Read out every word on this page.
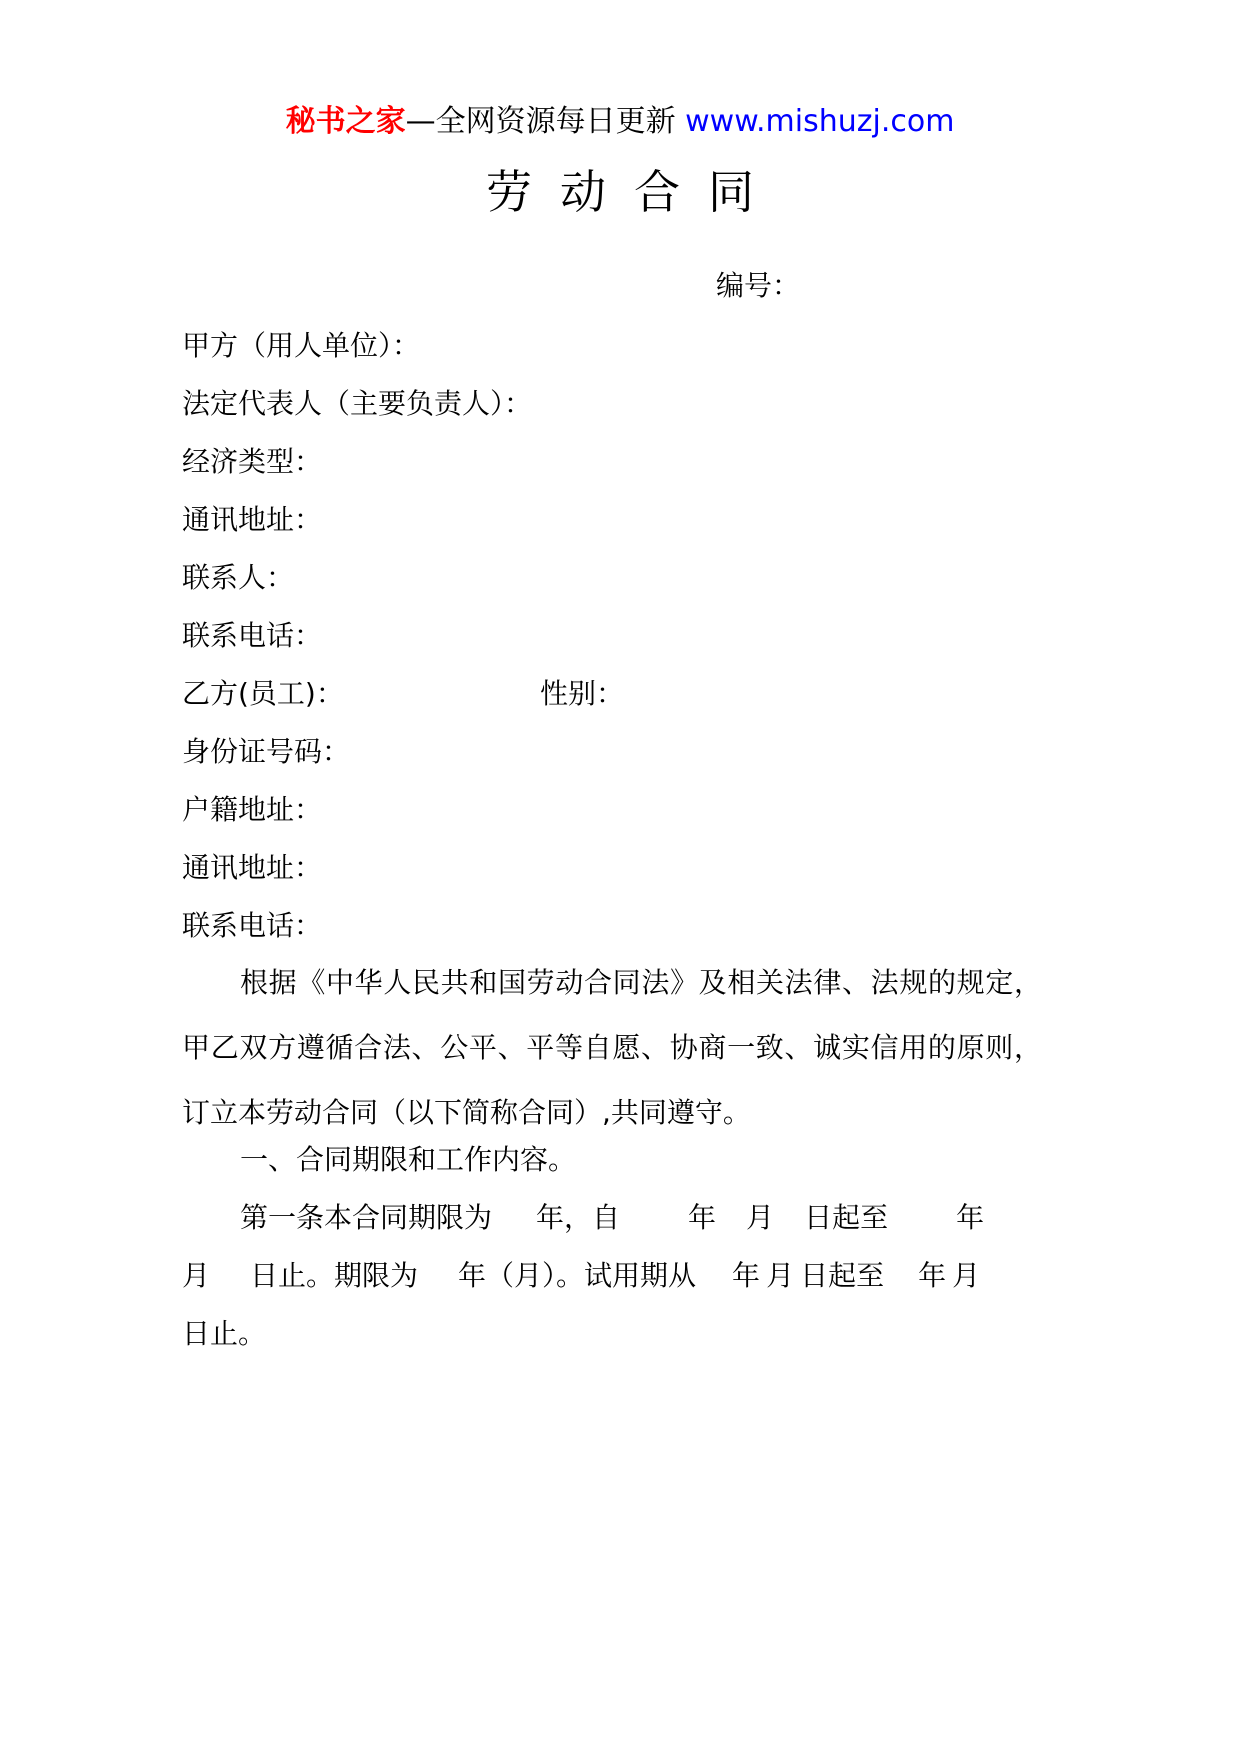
秘书之家—全网资源每日更新 www.mishuzj.com
劳动合同
编号：
甲方（用人单位）：
法定代表人（主要负责人）：
经济类型：
通讯地址：
联系人：
联系电话：
乙方(员工)：	性别：
身份证号码：
户籍地址：
通讯地址：
联系电话：
根据《中华人民共和国劳动合同法》及相关法律、法规的规定，甲乙双方遵循合法、公平、平等自愿、协商一致、诚实信用的原则，订立本劳动合同（以下简称合同）,共同遵守。
一、合同期限和工作内容。
第一条本合同期限为 年，自 年 月 日起至 年
月 日止。期限为 年（月）。试用期从 年 月 日起至 年 月
日止。
